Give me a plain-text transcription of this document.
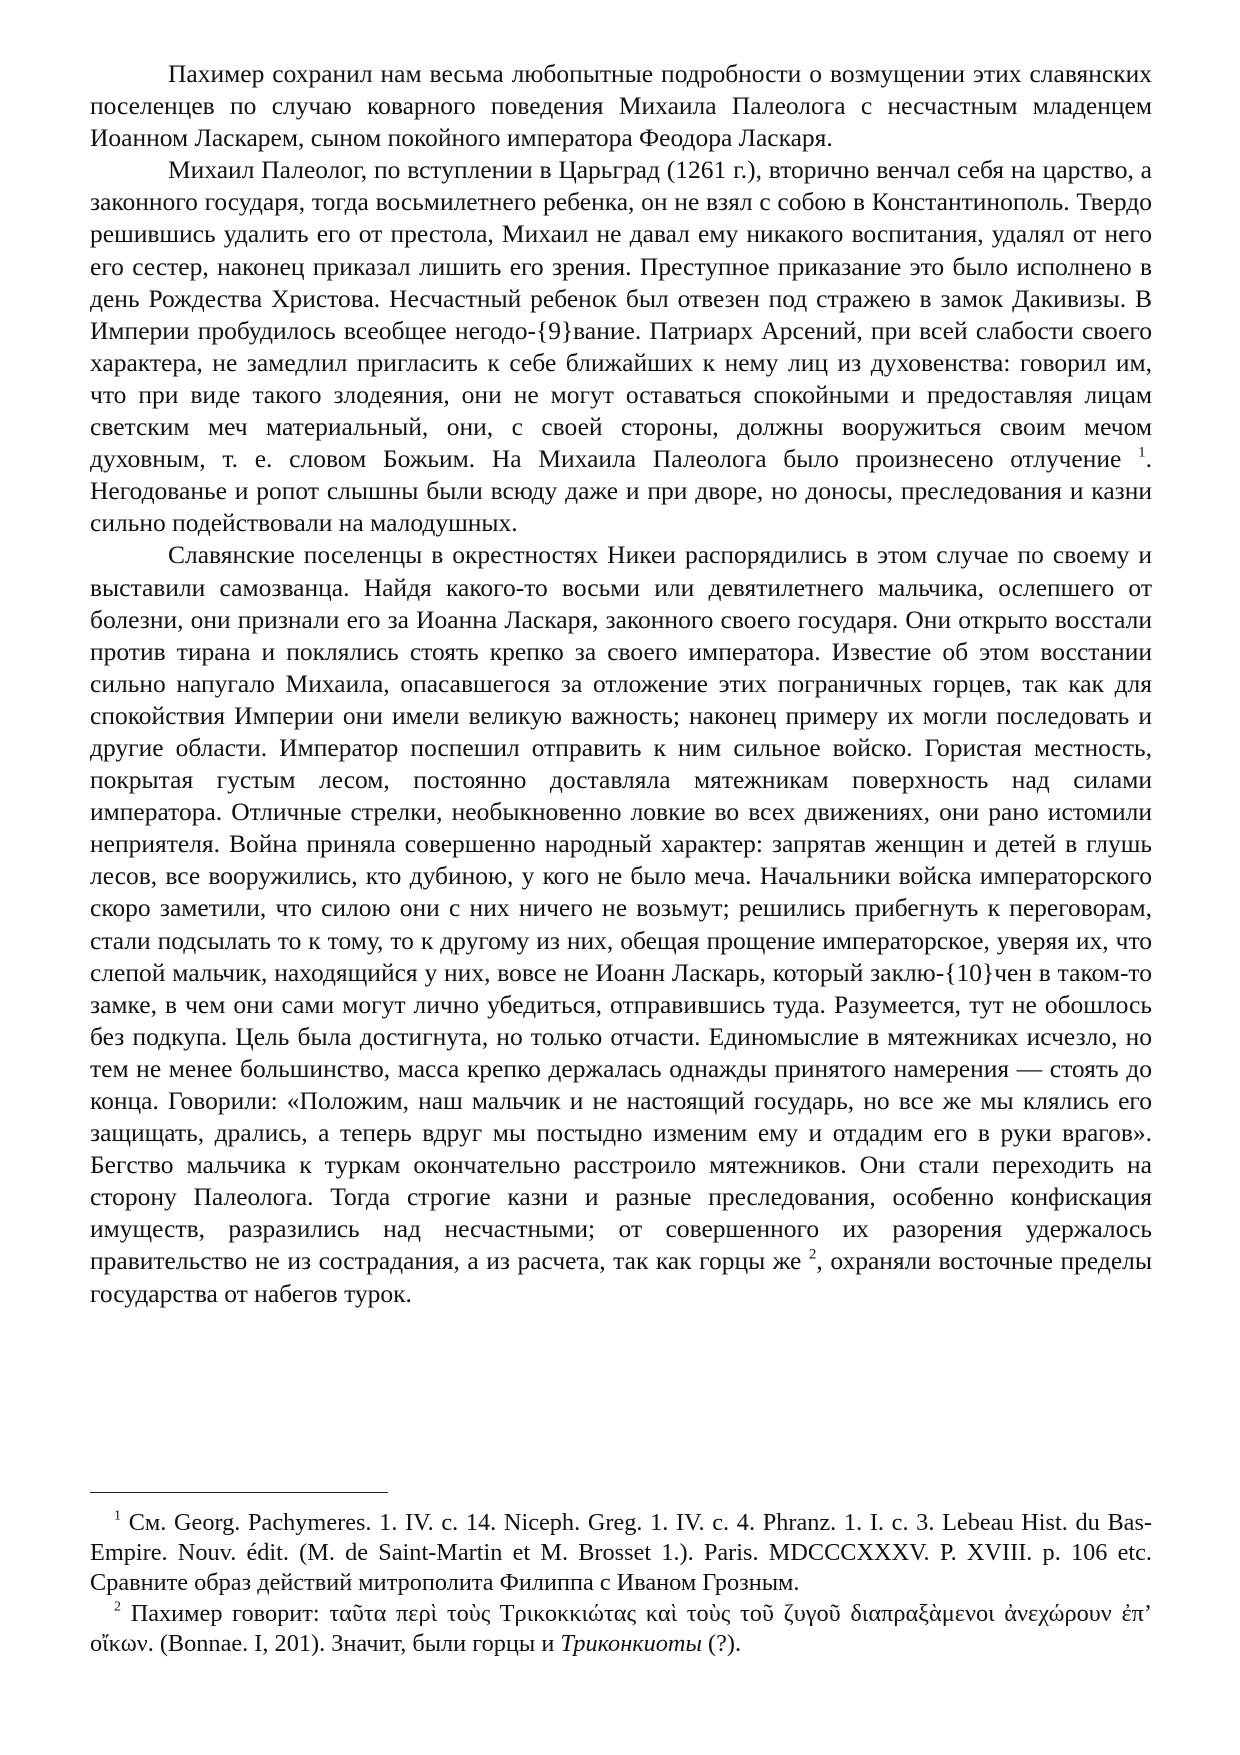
Пахимер сохранил нам весьма любопытные подробности о возмущении этих славянских поселенцев по случаю коварного поведения Михаила Палеолога с несчастным младенцем Иоанном Ласкарем, сыном покойного императора Феодора Ласкаря.

Михаил Палеолог, по вступлении в Царьград (1261 г.), вторично венчал себя на царство, а законного государя, тогда восьмилетнего ребенка, он не взял с собою в Константинополь. Твердо решившись удалить его от престола, Михаил не давал ему никакого воспитания, удалял от него его сестер, наконец приказал лишить его зрения. Преступное приказание это было исполнено в день Рождества Христова. Несчастный ребенок был отвезен под стражею в замок Дакивизы. В Империи пробудилось всеобщее негодо-{9}вание. Патриарх Арсений, при всей слабости своего характера, не замедлил пригласить к себе ближайших к нему лиц из духовенства: говорил им, что при виде такого злодеяния, они не могут оставаться спокойными и предоставляя лицам светским меч материальный, они, с своей стороны, должны вооружиться своим мечом духовным, т. е. словом Божьим. На Михаила Палеолога было произнесено отлучение $^1$. Негодованье и ропот слышны были всюду даже и при дворе, но доносы, преследования и казни сильно подействовали на малодушных.

Славянские поселенцы в окрестностях Никеи распорядились в этом случае по своему и выставили самозванца. Найдя какого-то восьми или девятилетнего мальчика, ослепшего от болезни, они признали его за Иоанна Ласкаря, законного своего государя. Они открыто восстали против тирана и поклялись стоять крепко за своего императора. Известие об этом восстании сильно напугало Михаила, опасавшегося за отложение этих пограничных горцев, так как для спокойствия Империи они имели великую важность; наконец примеру их могли последовать и другие области. Император поспешил отправить к ним сильное войско. Гористая местность, покрытая густым лесом, постоянно доставляла мятежникам поверхность над силами императора. Отличные стрелки, необыкновенно ловкие во всех движениях, они рано истомили неприятеля. Война приняла совершенно народный характер: запрятав женщин и детей в глушь лесов, все вооружились, кто дубиною, у кого не было меча. Начальники войска императорского скоро заметили, что силою они с них ничего не возьмут; решились прибегнуть к переговорам, стали подсылать то к тому, то к другому из них, обещая прощение императорское, уверяя их, что слепой мальчик, находящийся у них, вовсе не Иоанн Ласкарь, который заклю-{10}чен в таком-то замке, в чем они сами могут лично убедиться, отправившись туда. Разумеется, тут не обошлось без подкупа. Цель была достигнута, но только отчасти. Единомыслие в мятежниках исчезло, но тем не менее большинство, масса крепко держалась однажды принятого намерения — стоять до конца. Говорили: «Положим, наш мальчик и не настоящий государь, но все же мы клялись его защищать, дрались, а теперь вдруг мы постыдно изменим ему и отдадим его в руки врагов». Бегство мальчика к туркам окончательно расстроило мятежников. Они стали переходить на сторону Палеолога. Тогда строгие казни и разные преследования, особенно конфискация имуществ, разразились над несчастными; от совершенного их разорения удержалось правительство не из сострадания, а из расчета, так как горцы же $^2$, охраняли восточные пределы государства от набегов турок.

$^1$ См. Georg. Pachymeres. 1. IV. c. 14. Niceph. Greg. 1. IV. c. 4. Phranz. 1. I. c. 3. Lebeau Hist. du Bas-Empire. Nouv. édit. (M. de Saint-Martin et M. Brosset 1.). Paris. MDCCCXXXV. P. XVIII. p. 106 etc. Сравните образ действий митрополита Филиппа с Иваном Грозным.

$^2$ Пахимер говорит: ταῦτα περὶ τοὺς Τρικοκκιώτας καὶ τοὺς τοῦ ζυγοῦ διαπραξὰμενοι ἀνεχώρουν ἐπ’ οἴκων. (Bonnae. I, 201). Значит, были горцы и Триконкиоты (?).
